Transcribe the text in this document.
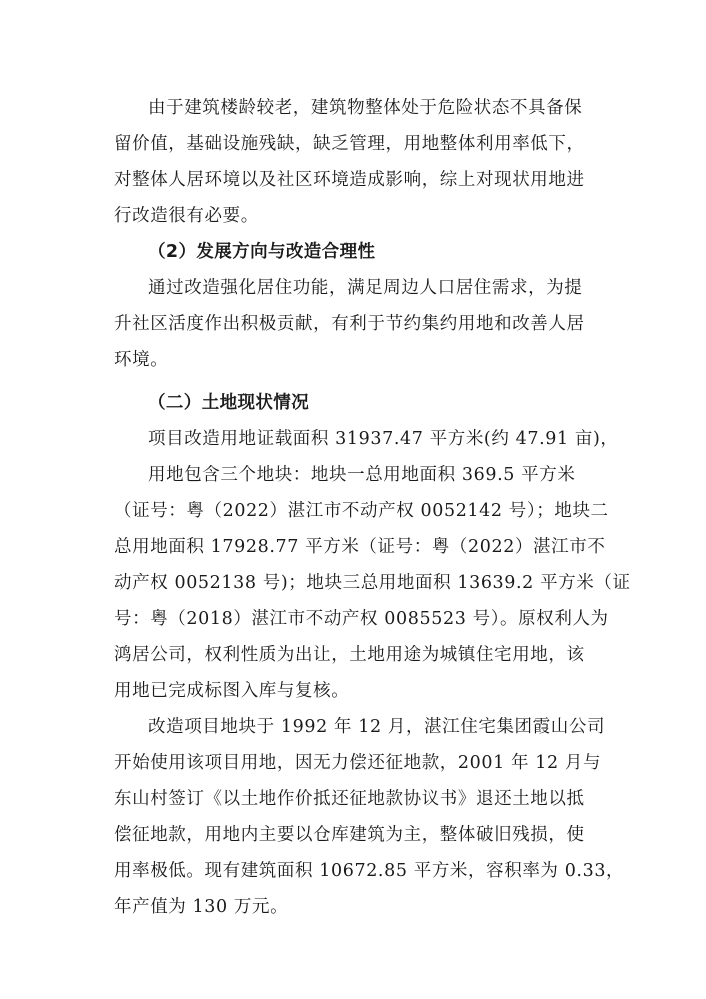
由于建筑楼龄较老，建筑物整体处于危险状态不具备保
留价值，基础设施残缺，缺乏管理，用地整体利用率低下，
对整体人居环境以及社区环境造成影响，综上对现状用地进
行改造很有必要。
（2）发展方向与改造合理性
通过改造强化居住功能，满足周边人口居住需求，为提
升社区活度作出积极贡献，有利于节约集约用地和改善人居
环境。
（二）土地现状情况
项目改造用地证载面积 31937.47 平方米(约 47.91 亩)，
用地包含三个地块：地块一总用地面积 369.5 平方米
（证号：粤（2022）湛江市不动产权 0052142 号）；地块二
总用地面积 17928.77 平方米（证号：粤（2022）湛江市不
动产权 0052138 号)；地块三总用地面积 13639.2 平方米（证
号：粤（2018）湛江市不动产权 0085523 号）。原权利人为
鸿居公司，权利性质为出让，土地用途为城镇住宅用地，该
用地已完成标图入库与复核。
改造项目地块于 1992 年 12 月，湛江住宅集团霞山公司
开始使用该项目用地，因无力偿还征地款，2001 年 12 月与
东山村签订《以土地作价抵还征地款协议书》退还土地以抵
偿征地款，用地内主要以仓库建筑为主，整体破旧残损，使
用率极低。现有建筑面积 10672.85 平方米，容积率为 0.33，
年产值为 130 万元。
